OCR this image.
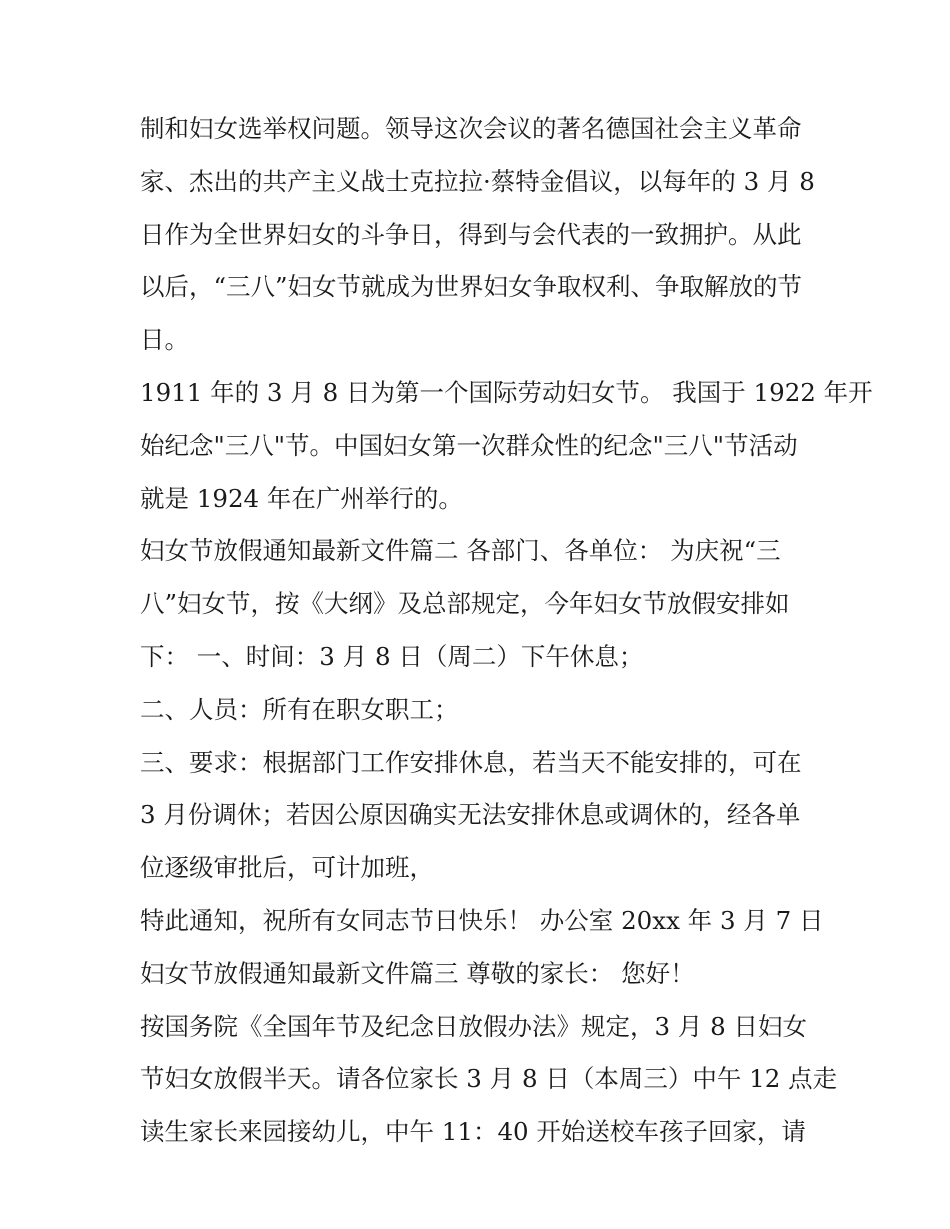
制和妇女选举权问题。领导这次会议的著名德国社会主义革命
家、杰出的共产主义战士克拉拉·蔡特金倡议，以每年的 3 月 8
日作为全世界妇女的斗争日，得到与会代表的一致拥护。从此
以后，“三八”妇女节就成为世界妇女争取权利、争取解放的节
日。
1911 年的 3 月 8 日为第一个国际劳动妇女节。 我国于 1922 年开
始纪念"三八"节。中国妇女第一次群众性的纪念"三八"节活动
就是 1924 年在广州举行的。
妇女节放假通知最新文件篇二 各部门、各单位： 为庆祝“三
八”妇女节，按《大纲》及总部规定，今年妇女节放假安排如
下： 一、时间：3 月 8 日（周二）下午休息；
二、人员：所有在职女职工；
三、要求：根据部门工作安排休息，若当天不能安排的，可在
3 月份调休；若因公原因确实无法安排休息或调休的，经各单
位逐级审批后，可计加班，
特此通知，祝所有女同志节日快乐！ 办公室 20xx 年 3 月 7 日
妇女节放假通知最新文件篇三 尊敬的家长： 您好！
按国务院《全国年节及纪念日放假办法》规定，3 月 8 日妇女
节妇女放假半天。请各位家长 3 月 8 日（本周三）中午 12 点走
读生家长来园接幼儿，中午 11：40 开始送校车孩子回家，请
